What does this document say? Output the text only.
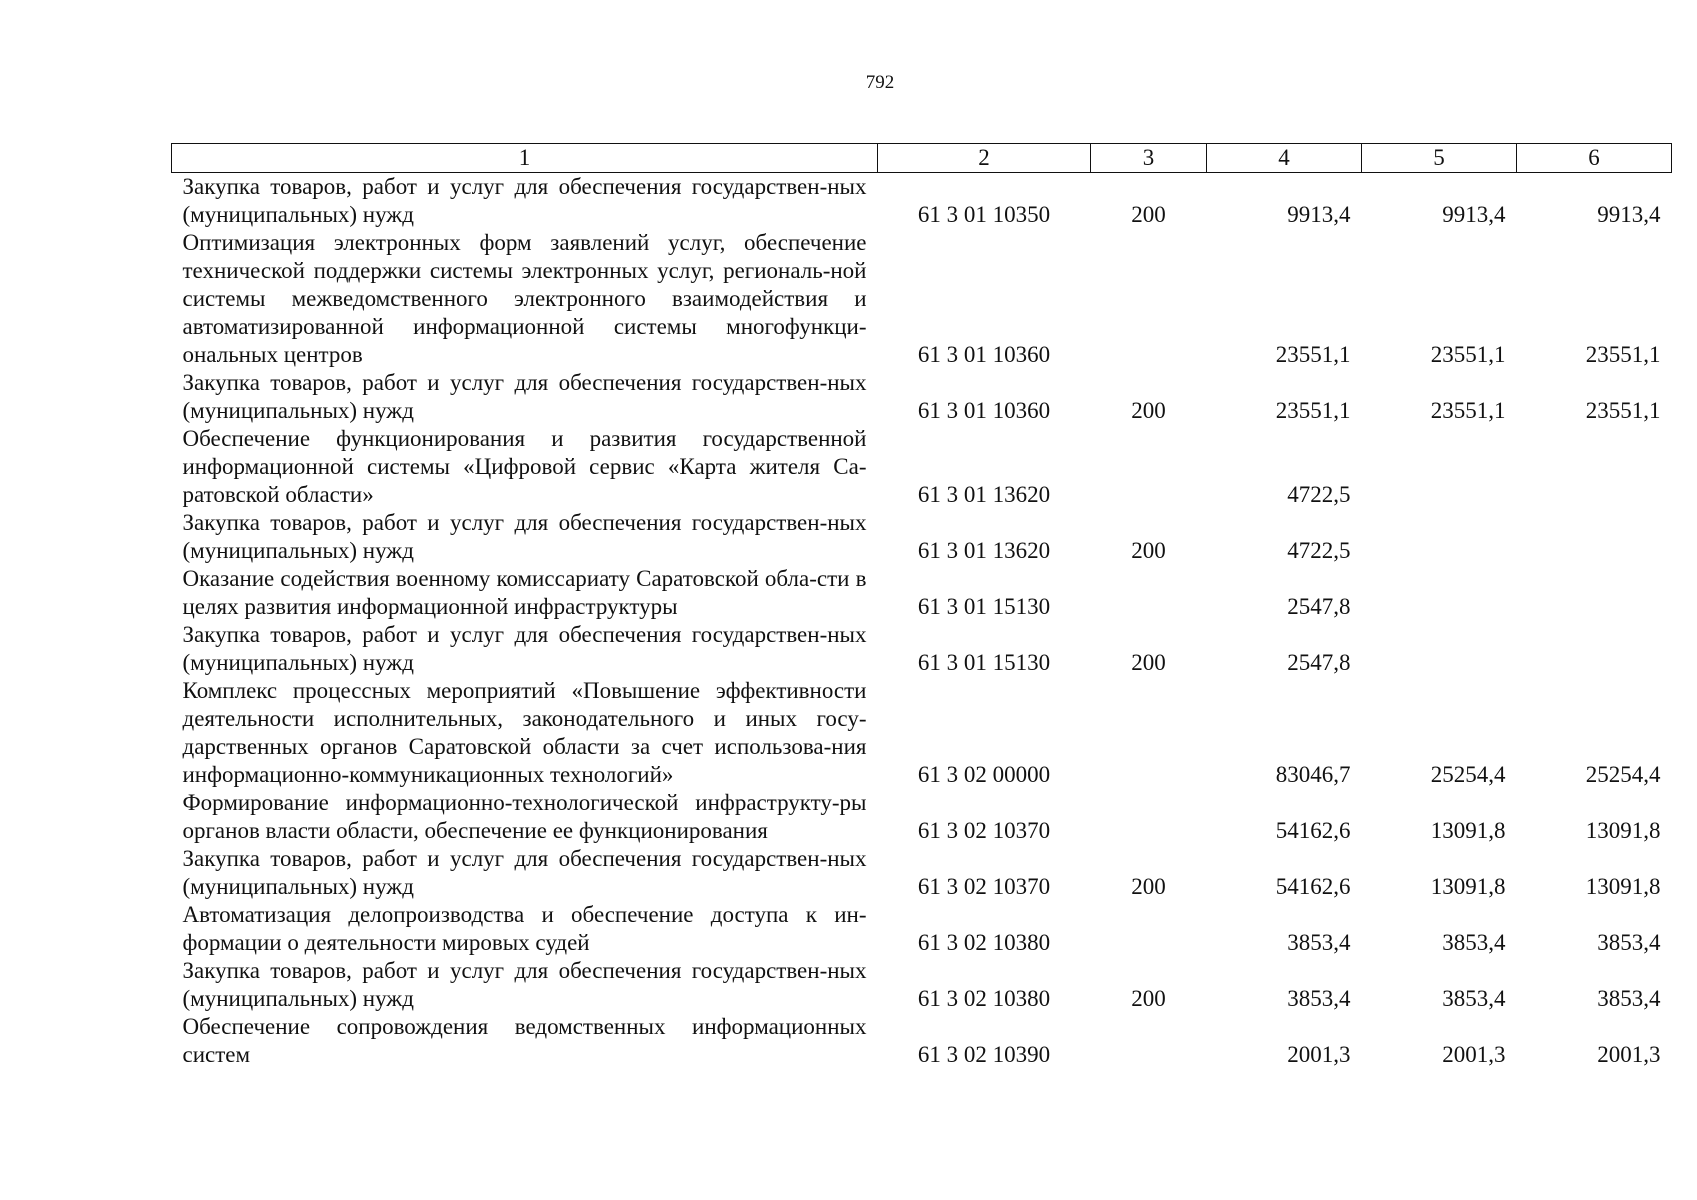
792
1	2	3	4	5	6
Закупка товаров, работ и услуг для обеспечения государствен-ных (муниципальных) нужд	61 3 01 10350	200	9913,4	9913,4	9913,4
Оптимизация электронных форм заявлений услуг, обеспечение технической поддержки системы электронных услуг, региональ-ной системы межведомственного электронного взаимодействия и автоматизированной информационной системы многофункци-ональных центров	61 3 01 10360		23551,1	23551,1	23551,1
Закупка товаров, работ и услуг для обеспечения государствен-ных (муниципальных) нужд	61 3 01 10360	200	23551,1	23551,1	23551,1
Обеспечение функционирования и развития государственной информационной системы «Цифровой сервис «Карта жителя Са-ратовской области»	61 3 01 13620		4722,5		
Закупка товаров, работ и услуг для обеспечения государствен-ных (муниципальных) нужд	61 3 01 13620	200	4722,5		
Оказание содействия военному комиссариату Саратовской обла-сти в целях развития информационной инфраструктуры	61 3 01 15130		2547,8		
Закупка товаров, работ и услуг для обеспечения государствен-ных (муниципальных) нужд	61 3 01 15130	200	2547,8		
Комплекс процессных мероприятий «Повышение эффективности деятельности исполнительных, законодательного и иных госу-дарственных органов Саратовской области за счет использова-ния информационно-коммуникационных технологий»	61 3 02 00000		83046,7	25254,4	25254,4
Формирование информационно-технологической инфраструкту-ры органов власти области, обеспечение ее функционирования	61 3 02 10370		54162,6	13091,8	13091,8
Закупка товаров, работ и услуг для обеспечения государствен-ных (муниципальных) нужд	61 3 02 10370	200	54162,6	13091,8	13091,8
Автоматизация делопроизводства и обеспечение доступа к ин-формации о деятельности мировых судей	61 3 02 10380		3853,4	3853,4	3853,4
Закупка товаров, работ и услуг для обеспечения государствен-ных (муниципальных) нужд	61 3 02 10380	200	3853,4	3853,4	3853,4
Обеспечение сопровождения ведомственных информационных систем	61 3 02 10390		2001,3	2001,3	2001,3
